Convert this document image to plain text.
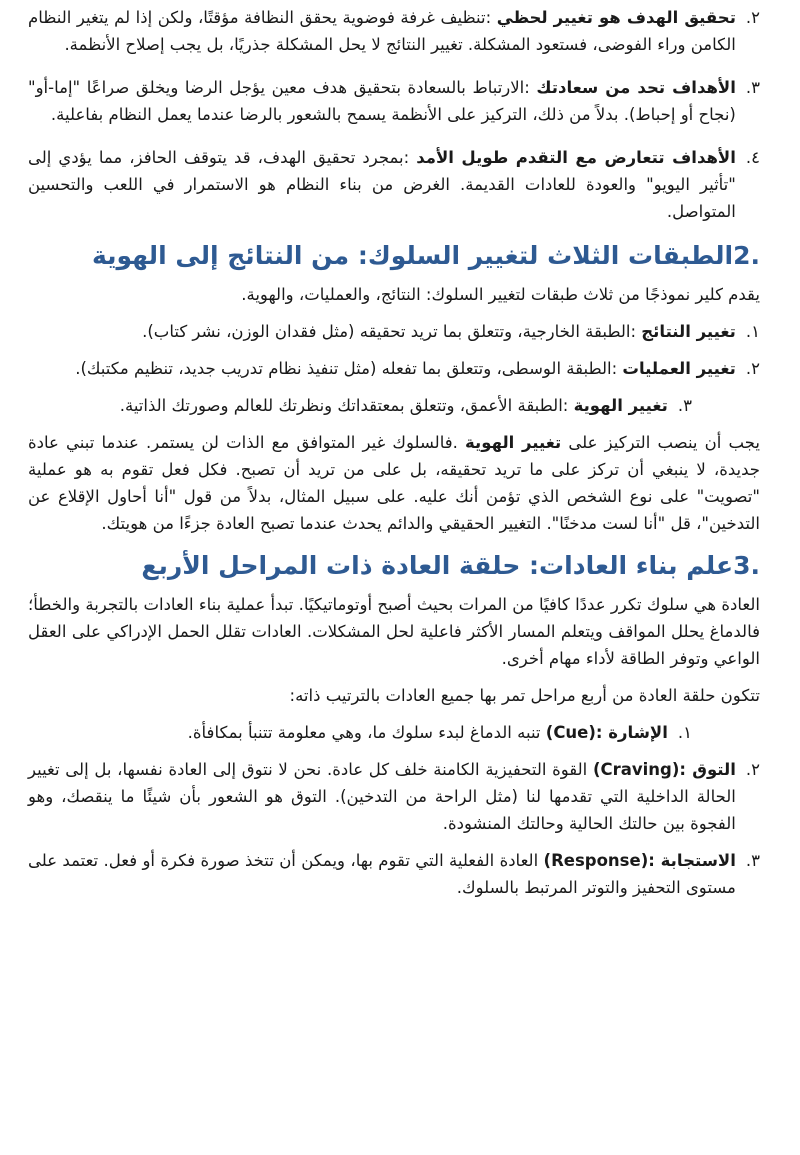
٢.
تحقيق الهدف هو تغيير لحظي :تنظيف غرفة فوضوية يحقق النظافة مؤقتًا، ولكن إذا لم يتغير النظام الكامن وراء الفوضى، فستعود المشكلة. تغيير النتائج لا يحل المشكلة جذريًا، بل يجب إصلاح الأنظمة.
٣.
الأهداف تحد من سعادتك :الارتباط بالسعادة بتحقيق هدف معين يؤجل الرضا ويخلق صراعًا "إما-أو" (نجاح أو إحباط). بدلاً من ذلك، التركيز على الأنظمة يسمح بالشعور بالرضا عندما يعمل النظام بفاعلية.
٤.
الأهداف تتعارض مع التقدم طويل الأمد :بمجرد تحقيق الهدف، قد يتوقف الحافز، مما يؤدي إلى "تأثير اليويو" والعودة للعادات القديمة. الغرض من بناء النظام هو الاستمرار في اللعب والتحسين المتواصل.
.2الطبقات الثلاث لتغيير السلوك: من النتائج إلى الهوية

يقدم كلير نموذجًا من ثلاث طبقات لتغيير السلوك: النتائج، والعمليات، والهوية.

١.
تغيير النتائج :الطبقة الخارجية، وتتعلق بما تريد تحقيقه (مثل فقدان الوزن، نشر كتاب).
٢.
تغيير العمليات :الطبقة الوسطى، وتتعلق بما تفعله (مثل تنفيذ نظام تدريب جديد، تنظيم مكتبك).
٣.
تغيير الهوية :الطبقة الأعمق، وتتعلق بمعتقداتك ونظرتك للعالم وصورتك الذاتية.

يجب أن ينصب التركيز على تغيير الهوية .فالسلوك غير المتوافق مع الذات لن يستمر. عندما تبني عادة جديدة، لا ينبغي أن تركز على ما تريد تحقيقه، بل على من تريد أن تصبح. فكل فعل تقوم به هو عملية "تصويت" على نوع الشخص الذي تؤمن أنك عليه. على سبيل المثال، بدلاً من قول "أنا أحاول الإقلاع عن التدخين"، قل "أنا لست مدخنًا". التغيير الحقيقي والدائم يحدث عندما تصبح العادة جزءًا من هويتك.

.3علم بناء العادات: حلقة العادة ذات المراحل الأربع

العادة هي سلوك تكرر عددًا كافيًا من المرات بحيث أصبح أوتوماتيكيًا. تبدأ عملية بناء العادات بالتجربة والخطأ؛ فالدماغ يحلل المواقف ويتعلم المسار الأكثر فاعلية لحل المشكلات. العادات تقلل الحمل الإدراكي على العقل الواعي وتوفر الطاقة لأداء مهام أخرى.

تتكون حلقة العادة من أربع مراحل تمر بها جميع العادات بالترتيب ذاته:

١.
الإشارة :(Cue) تنبه الدماغ لبدء سلوك ما، وهي معلومة تتنبأ بمكافأة.
٢.
التوق :(Craving) القوة التحفيزية الكامنة خلف كل عادة. نحن لا نتوق إلى العادة نفسها، بل إلى تغيير الحالة الداخلية التي تقدمها لنا (مثل الراحة من التدخين). التوق هو الشعور بأن شيئًا ما ينقصك، وهو الفجوة بين حالتك الحالية وحالتك المنشودة.
٣.
الاستجابة :(Response) العادة الفعلية التي تقوم بها، ويمكن أن تتخذ صورة فكرة أو فعل. تعتمد على مستوى التحفيز والتوتر المرتبط بالسلوك.
